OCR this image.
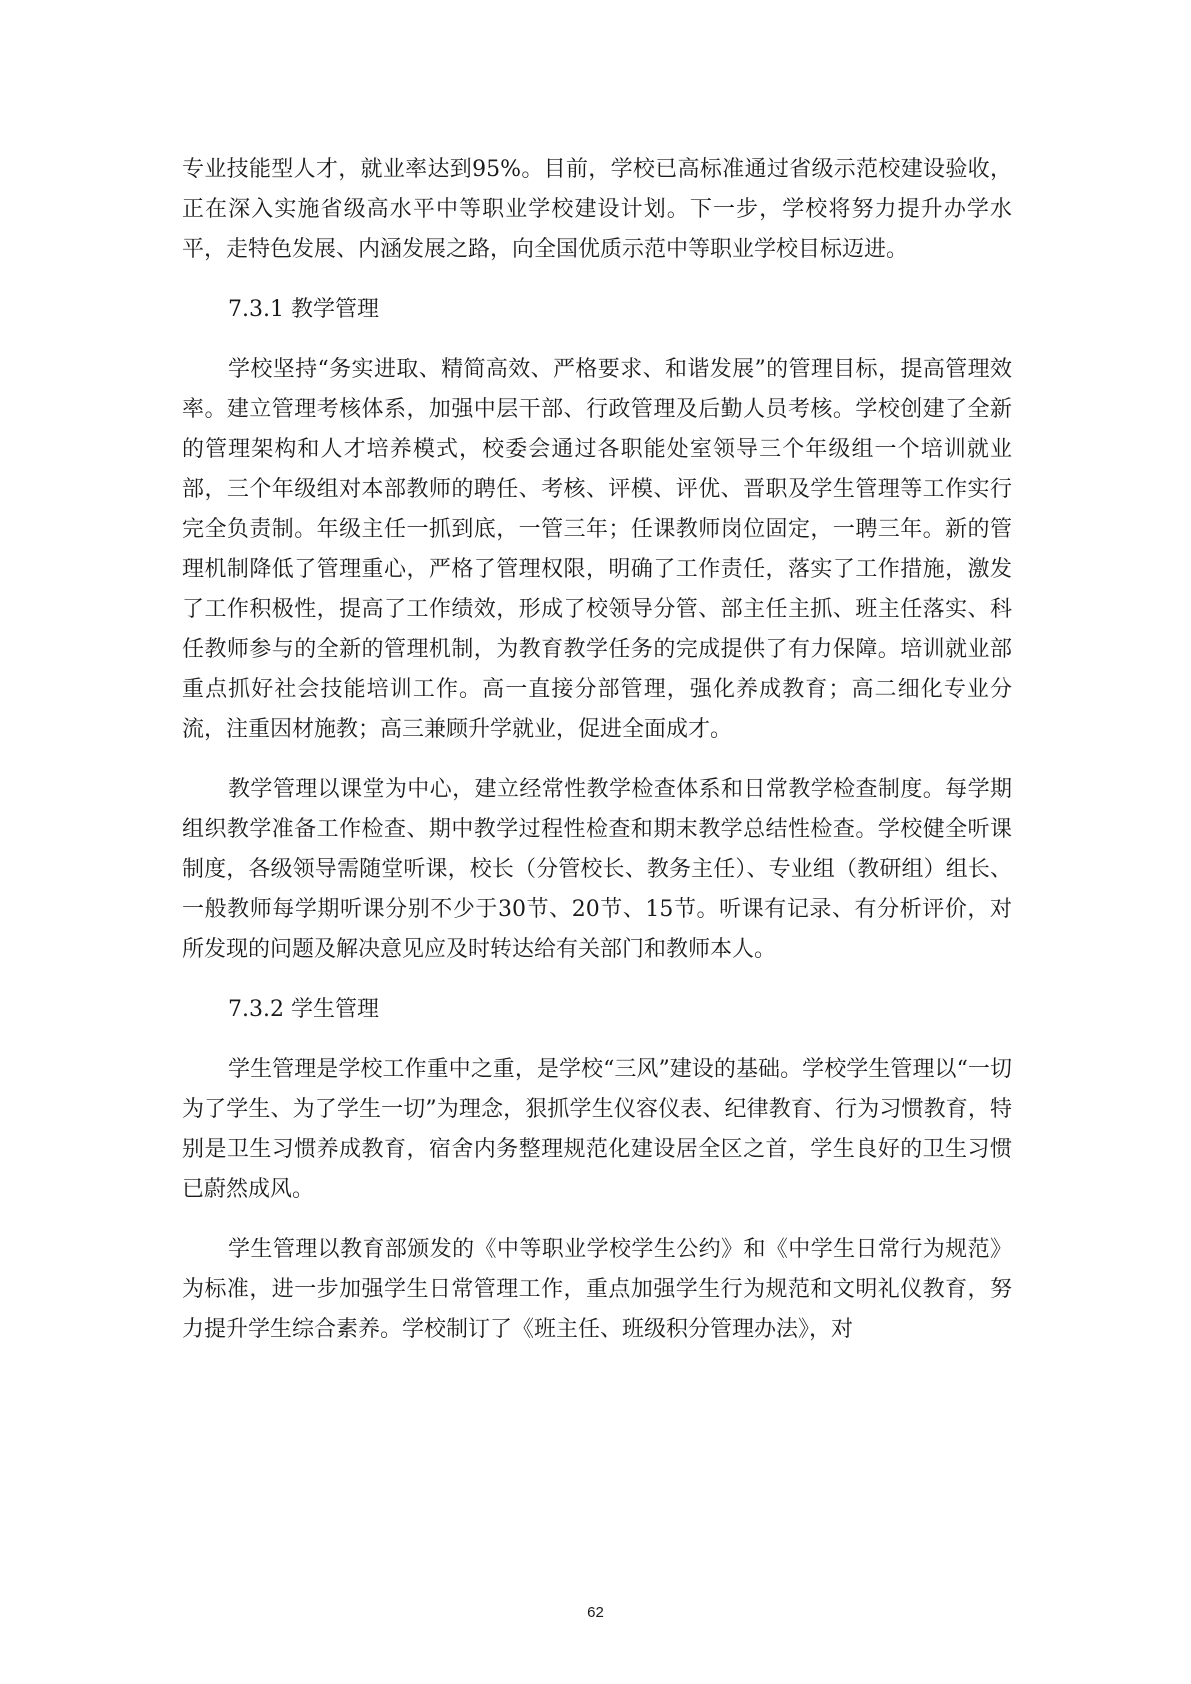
专业技能型人才，就业率达到95%。目前，学校已高标准通过省级示范校建设验收，正在深入实施省级高水平中等职业学校建设计划。下一步，学校将努力提升办学水平，走特色发展、内涵发展之路，向全国优质示范中等职业学校目标迈进。

7.3.1 教学管理

学校坚持“务实进取、精简高效、严格要求、和谐发展”的管理目标，提高管理效率。建立管理考核体系，加强中层干部、行政管理及后勤人员考核。学校创建了全新的管理架构和人才培养模式，校委会通过各职能处室领导三个年级组一个培训就业部，三个年级组对本部教师的聘任、考核、评模、评优、晋职及学生管理等工作实行完全负责制。年级主任一抓到底，一管三年；任课教师岗位固定，一聘三年。新的管理机制降低了管理重心，严格了管理权限，明确了工作责任，落实了工作措施，激发了工作积极性，提高了工作绩效，形成了校领导分管、部主任主抓、班主任落实、科任教师参与的全新的管理机制，为教育教学任务的完成提供了有力保障。培训就业部重点抓好社会技能培训工作。高一直接分部管理，强化养成教育；高二细化专业分流，注重因材施教；高三兼顾升学就业，促进全面成才。

教学管理以课堂为中心，建立经常性教学检查体系和日常教学检查制度。每学期组织教学准备工作检查、期中教学过程性检查和期末教学总结性检查。学校健全听课制度，各级领导需随堂听课，校长（分管校长、教务主任）、专业组（教研组）组长、一般教师每学期听课分别不少于30节、20节、15节。听课有记录、有分析评价，对所发现的问题及解决意见应及时转达给有关部门和教师本人。

7.3.2 学生管理

学生管理是学校工作重中之重，是学校“三风”建设的基础。学校学生管理以“一切为了学生、为了学生一切”为理念，狠抓学生仪容仪表、纪律教育、行为习惯教育，特别是卫生习惯养成教育，宿舍内务整理规范化建设居全区之首，学生良好的卫生习惯已蔚然成风。

学生管理以教育部颁发的《中等职业学校学生公约》和《中学生日常行为规范》为标准，进一步加强学生日常管理工作，重点加强学生行为规范和文明礼仪教育，努力提升学生综合素养。学校制订了《班主任、班级积分管理办法》，对

62
